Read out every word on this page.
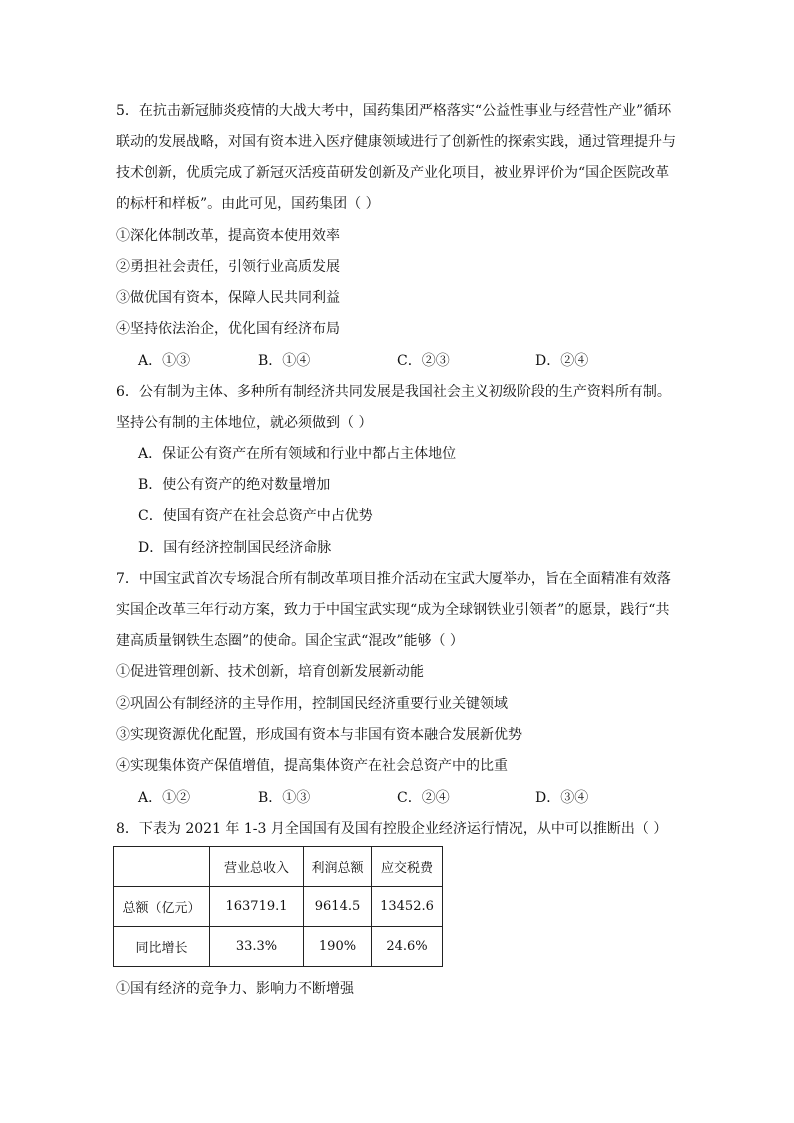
5．在抗击新冠肺炎疫情的大战大考中，国药集团严格落实“公益性事业与经营性产业”循环
联动的发展战略，对国有资本进入医疗健康领域进行了创新性的探索实践，通过管理提升与
技术创新，优质完成了新冠灭活疫苗研发创新及产业化项目，被业界评价为“国企医院改革
的标杆和样板”。由此可见，国药集团（ ）
①深化体制改革，提高资本使用效率
②勇担社会责任，引领行业高质发展
③做优国有资本，保障人民共同利益
④坚持依法治企，优化国有经济布局
A．①③	B．①④	C．②③	D．②④
6．公有制为主体、多种所有制经济共同发展是我国社会主义初级阶段的生产资料所有制。
坚持公有制的主体地位，就必须做到（ ）
A．保证公有资产在所有领域和行业中都占主体地位
B．使公有资产的绝对数量增加
C．使国有资产在社会总资产中占优势
D．国有经济控制国民经济命脉
7．中国宝武首次专场混合所有制改革项目推介活动在宝武大厦举办，旨在全面精准有效落
实国企改革三年行动方案，致力于中国宝武实现“成为全球钢铁业引领者”的愿景，践行“共
建高质量钢铁生态圈”的使命。国企宝武“混改”能够（ ）
①促进管理创新、技术创新，培育创新发展新动能
②巩固公有制经济的主导作用，控制国民经济重要行业关键领域
③实现资源优化配置，形成国有资本与非国有资本融合发展新优势
④实现集体资产保值增值，提高集体资产在社会总资产中的比重
A．①②	B．①③	C．②④	D．③④
8．下表为 2021 年 1-3 月全国国有及国有控股企业经济运行情况，从中可以推断出（ ）
	营业总收入	利润总额	应交税费
总额（亿元）	163719.1	9614.5	13452.6
同比增长	33.3%	190%	24.6%
①国有经济的竞争力、影响力不断增强
